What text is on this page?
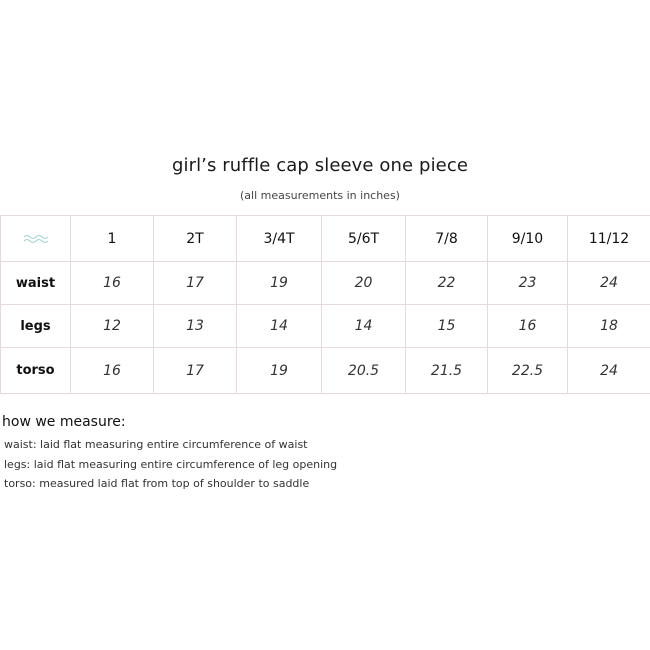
girl’s ruffle cap sleeve one piece
(all measurements in inches)
	1	2T	3/4T	5/6T	7/8	9/10	11/12
waist	16	17	19	20	22	23	24
legs	12	13	14	14	15	16	18
torso	16	17	19	20.5	21.5	22.5	24
how we measure:
waist: laid flat measuring entire circumference of waist
legs: laid flat measuring entire circumference of leg opening
torso: measured laid flat from top of shoulder to saddle
